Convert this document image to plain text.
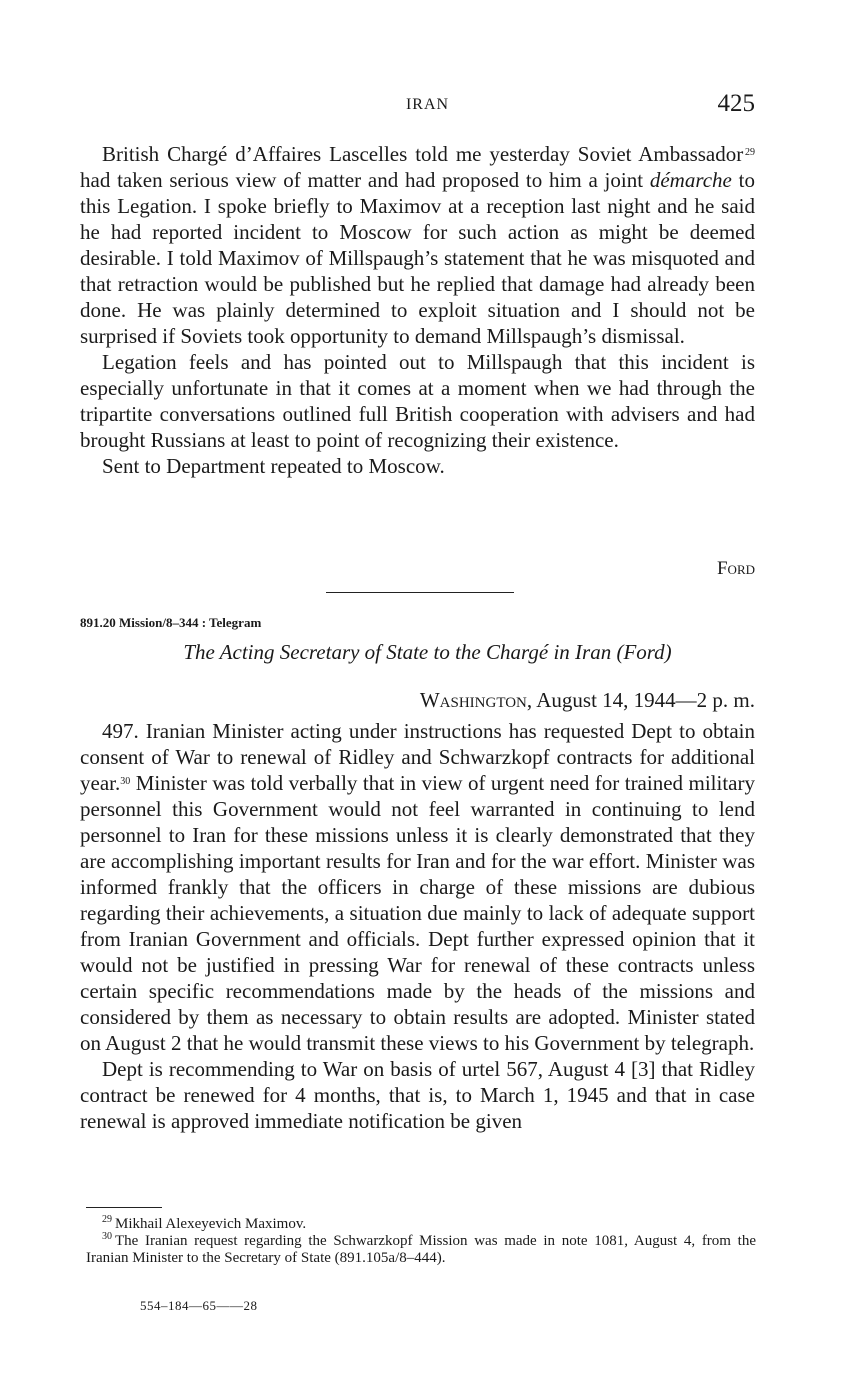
IRAN	425

British Chargé d’Affaires Lascelles told me yesterday Soviet Ambassador  $^{29}$ had taken serious view of matter and had proposed to him a joint démarche to this Legation. I spoke briefly to Maximov at a reception last night and he said he had reported incident to Moscow for such action as might be deemed desirable. I told Maximov of Millspaugh’s statement that he was misquoted and that retraction would be published but he replied that damage had already been done. He was plainly determined to exploit situation and I should not be surprised if Soviets took opportunity to demand Millspaugh’s dismissal.

Legation feels and has pointed out to Millspaugh that this incident is especially unfortunate in that it comes at a moment when we had through the tripartite conversations outlined full British cooperation with advisers and had brought Russians at least to point of recognizing their existence.

Sent to Department repeated to Moscow.

Ford
891.20 Mission/8–344 : Telegram
The Acting Secretary of State to the Chargé in Iran (Ford)
Washington, August 14, 1944—2 p. m.

497. Iranian Minister acting under instructions has requested Dept to obtain consent of War to renewal of Ridley and Schwarzkopf contracts for additional year.$^{30}$ Minister was told verbally that in view of urgent need for trained military personnel this Government would not feel warranted in continuing to lend personnel to Iran for these missions unless it is clearly demonstrated that they are accomplishing important results for Iran and for the war effort. Minister was informed frankly that the officers in charge of these missions are dubious regarding their achievements, a situation due mainly to lack of adequate support from Iranian Government and officials. Dept further expressed opinion that it would not be justified in pressing War for renewal of these contracts unless certain specific recommendations made by the heads of the missions and considered by them as necessary to obtain results are adopted. Minister stated on August 2 that he would transmit these views to his Government by telegraph.

Dept is recommending to War on basis of urtel 567, August 4 [3] that Ridley contract be renewed for 4 months, that is, to March 1, 1945 and that in case renewal is approved immediate notification be given

$^{29}$  Mikhail Alexeyevich Maximov.

$^{30}$  The Iranian request regarding the Schwarzkopf Mission was made in note 1081, August 4, from the Iranian Minister to the Secretary of State (891.105a/8–444).

554–184—65——28
